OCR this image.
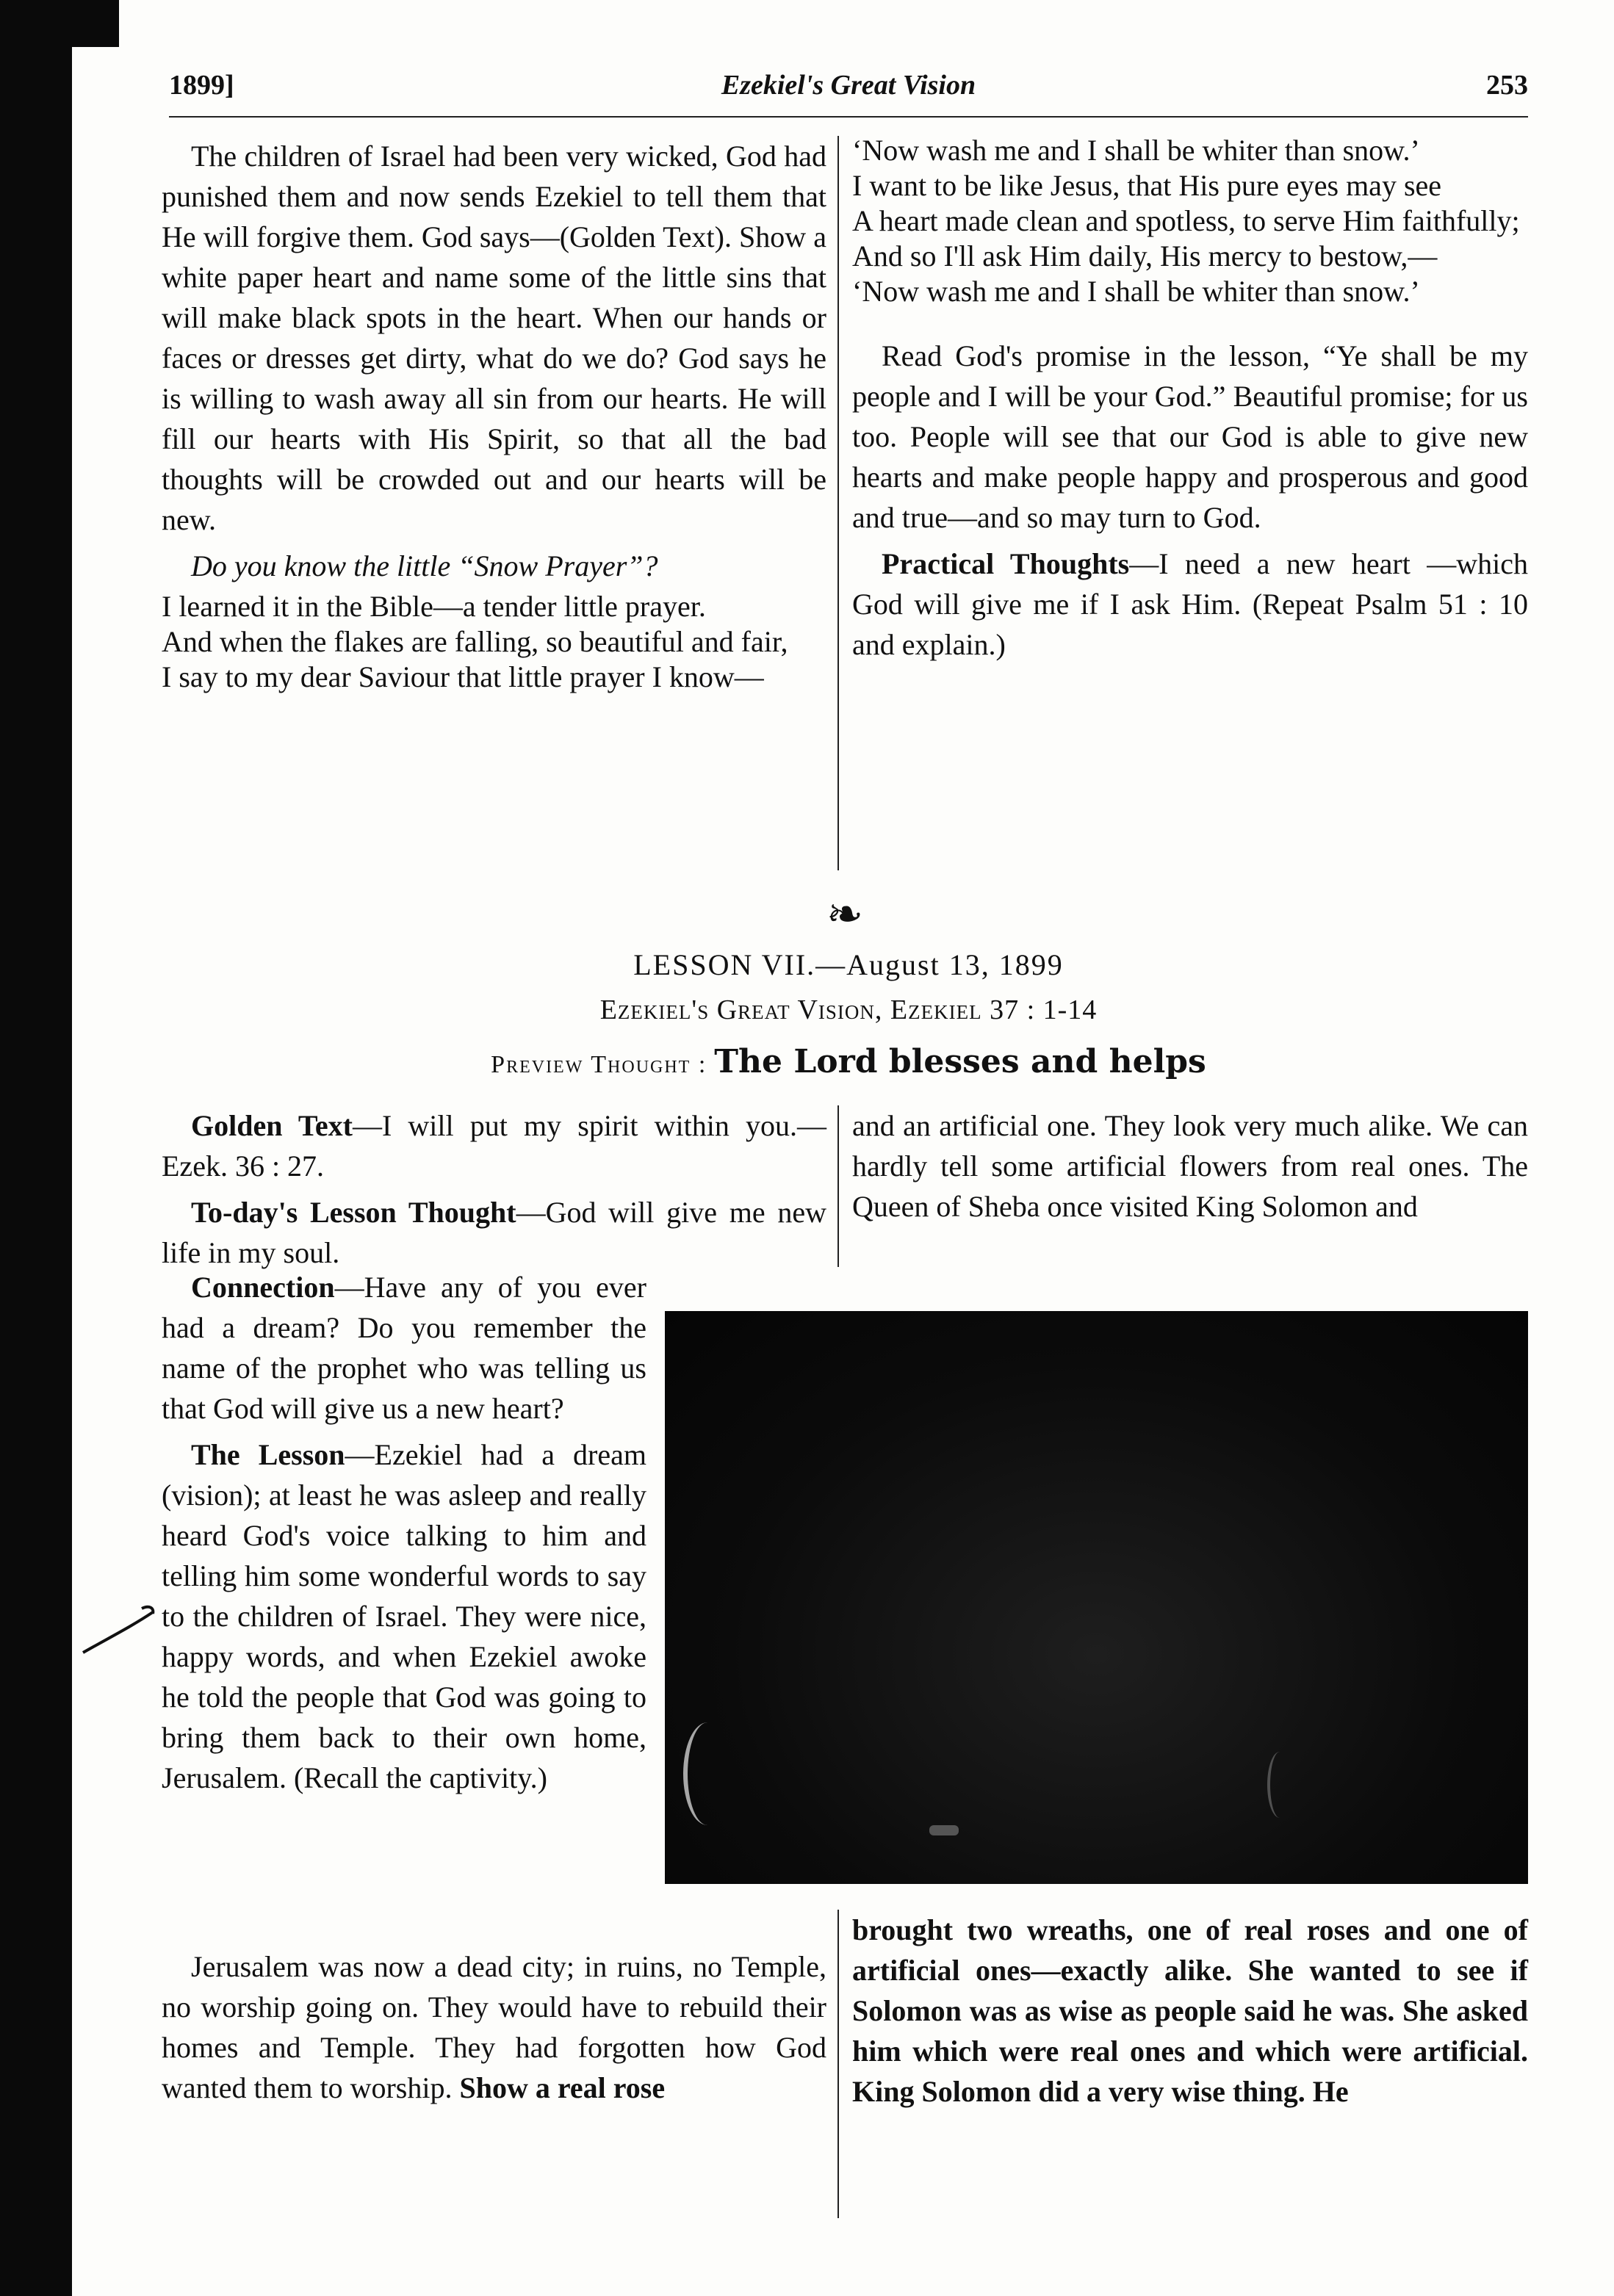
1899]	Ezekiel's Great Vision	253

The children of Israel had been very wicked, God had punished them and now sends Ezekiel to tell them that He will forgive them. God says—(Golden Text). Show a white paper heart and name some of the little sins that will make black spots in the heart. When our hands or faces or dresses get dirty, what do we do? God says he is willing to wash away all sin from our hearts. He will fill our hearts with His Spirit, so that all the bad thoughts will be crowded out and our hearts will be new.

Do you know the little “Snow Prayer”?

I learned it in the Bible—a tender little prayer.

And when the flakes are falling, so beautiful and fair,

I say to my dear Saviour that little prayer I know—

‘Now wash me and I shall be whiter than snow.’

I want to be like Jesus, that His pure eyes may see

A heart made clean and spotless, to serve Him faithfully;

And so I'll ask Him daily, His mercy to bestow,—

‘Now wash me and I shall be whiter than snow.’

Read God's promise in the lesson, “Ye shall be my people and I will be your God.” Beautiful promise; for us too. People will see that our God is able to give new hearts and make people happy and prosperous and good and true—and so may turn to God.

Practical Thoughts—I need a new heart —which God will give me if I ask Him. (Repeat Psalm 51 : 10 and explain.)

❧
LESSON VII.—August 13, 1899
Ezekiel's Great Vision, Ezekiel 37 : 1-14
Preview Thought : The Lord blesses and helps

Golden Text—I will put my spirit within you.—Ezek. 36 : 27.

To-day's Lesson Thought—God will give me new life in my soul.

and an artificial one. They look very much alike. We can hardly tell some artificial flowers from real ones. The Queen of Sheba once visited King Solomon and

Connection—Have any of you ever had a dream? Do you remember the name of the prophet who was telling us that God will give us a new heart?

The Lesson—Ezekiel had a dream (vision); at least he was asleep and really heard God's voice talking to him and telling him some wonderful words to say to the children of Israel. They were nice, happy words, and when Ezekiel awoke he told the people that God was going to bring them back to their own home, Jerusalem. (Recall the captivity.)

Jerusalem was now a dead city; in ruins, no Temple, no worship going on. They would have to rebuild their homes and Temple. They had forgotten how God wanted them to worship. Show a real rose

brought two wreaths, one of real roses and one of artificial ones—exactly alike. She wanted to see if Solomon was as wise as people said he was. She asked him which were real ones and which were artificial. King Solomon did a very wise thing. He
